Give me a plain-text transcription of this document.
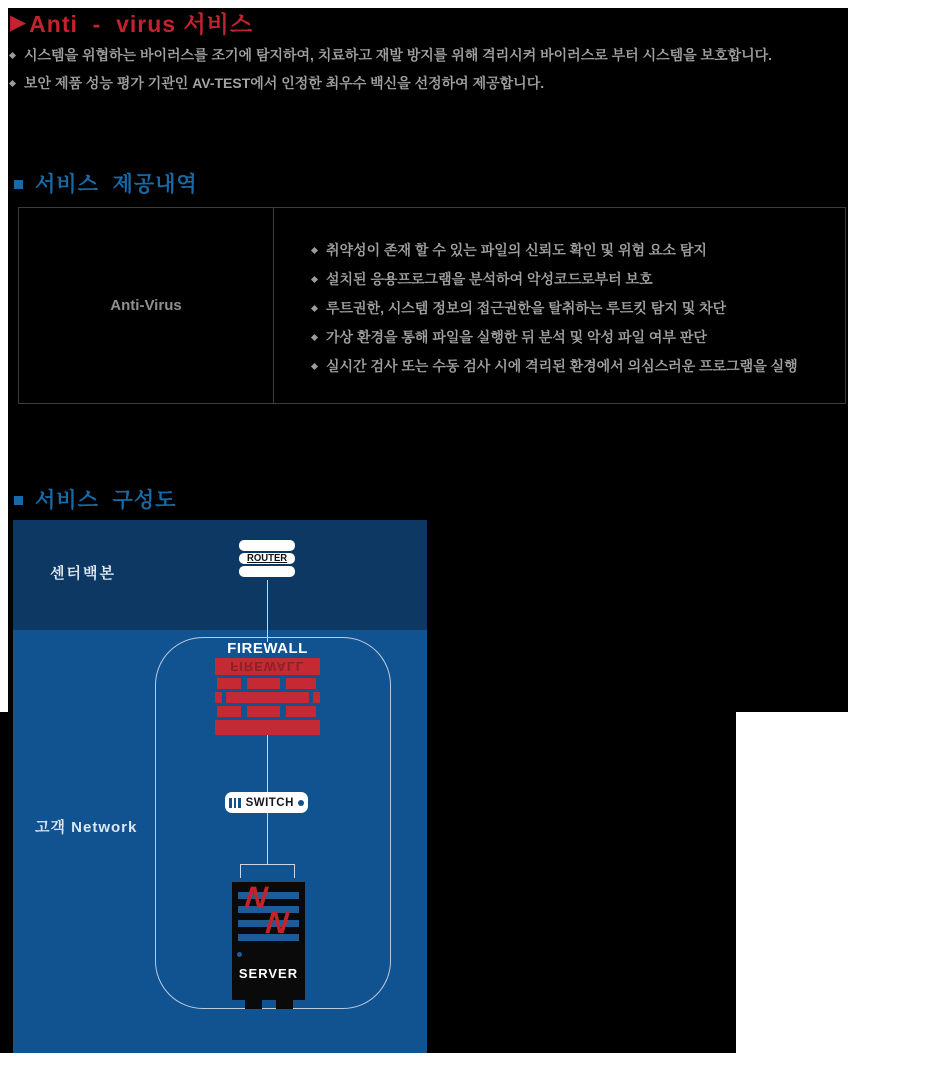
▶ Anti  -  virus 서비스
시스템을 위협하는 바이러스를 조기에 탐지하여, 치료하고 재발 방지를 위해 격리시켜 바이러스로 부터 시스템을 보호합니다.
보안 제품 성능 평가 기관인 AV-TEST에서 인정한 최우수 백신을 선정하여 제공합니다.
서비스  제공내역
Anti-Virus
취약성이 존재 할 수 있는 파일의 신뢰도 확인 및 위험 요소 탐지
설치된 응용프로그램을 분석하여 악성코드로부터 보호
루트권한, 시스템 정보의 접근권한을 탈취하는 루트킷 탐지 및 차단
가상 환경을 통해 파일을 실행한 뒤 분석 및 악성 파일 여부 판단
실시간 검사 또는 수동 검사 시에 격리된 환경에서 의심스러운 프로그램을 실행
서비스  구성도
센터백본
고객 Network
ROUTER
FIREWALL
FIREWALL
SWITCH
N
N
SERVER
